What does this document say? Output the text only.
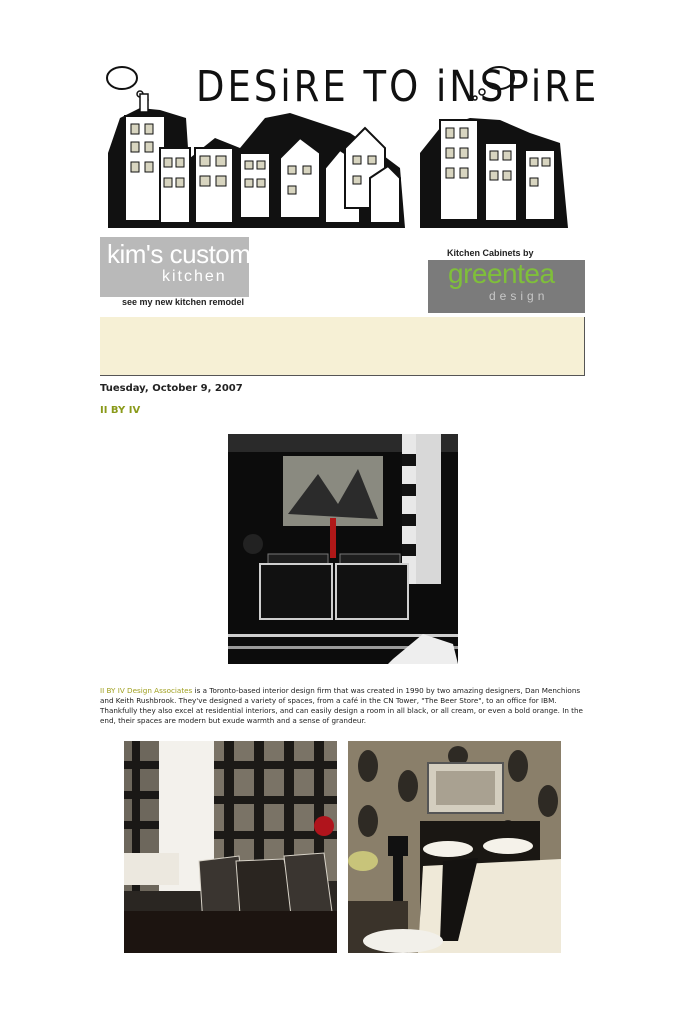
DESiRE TO iNSPiRE
kim's custom
kitchen
see my new kitchen remodel
Kitchen Cabinets by
greentea
design
Tuesday, October 9, 2007
II BY IV
II BY IV Design Associates is a Toronto-based interior design firm that was created in 1990 by two amazing designers, Dan Menchions and Keith Rushbrook. They've designed a variety of spaces, from a café in the CN Tower, "The Beer Store", to an office for IBM. Thankfully they also excel at residential interiors, and can easily design a room in all black, or all cream, or even a bold orange. In the end, their spaces are modern but exude warmth and a sense of grandeur.
